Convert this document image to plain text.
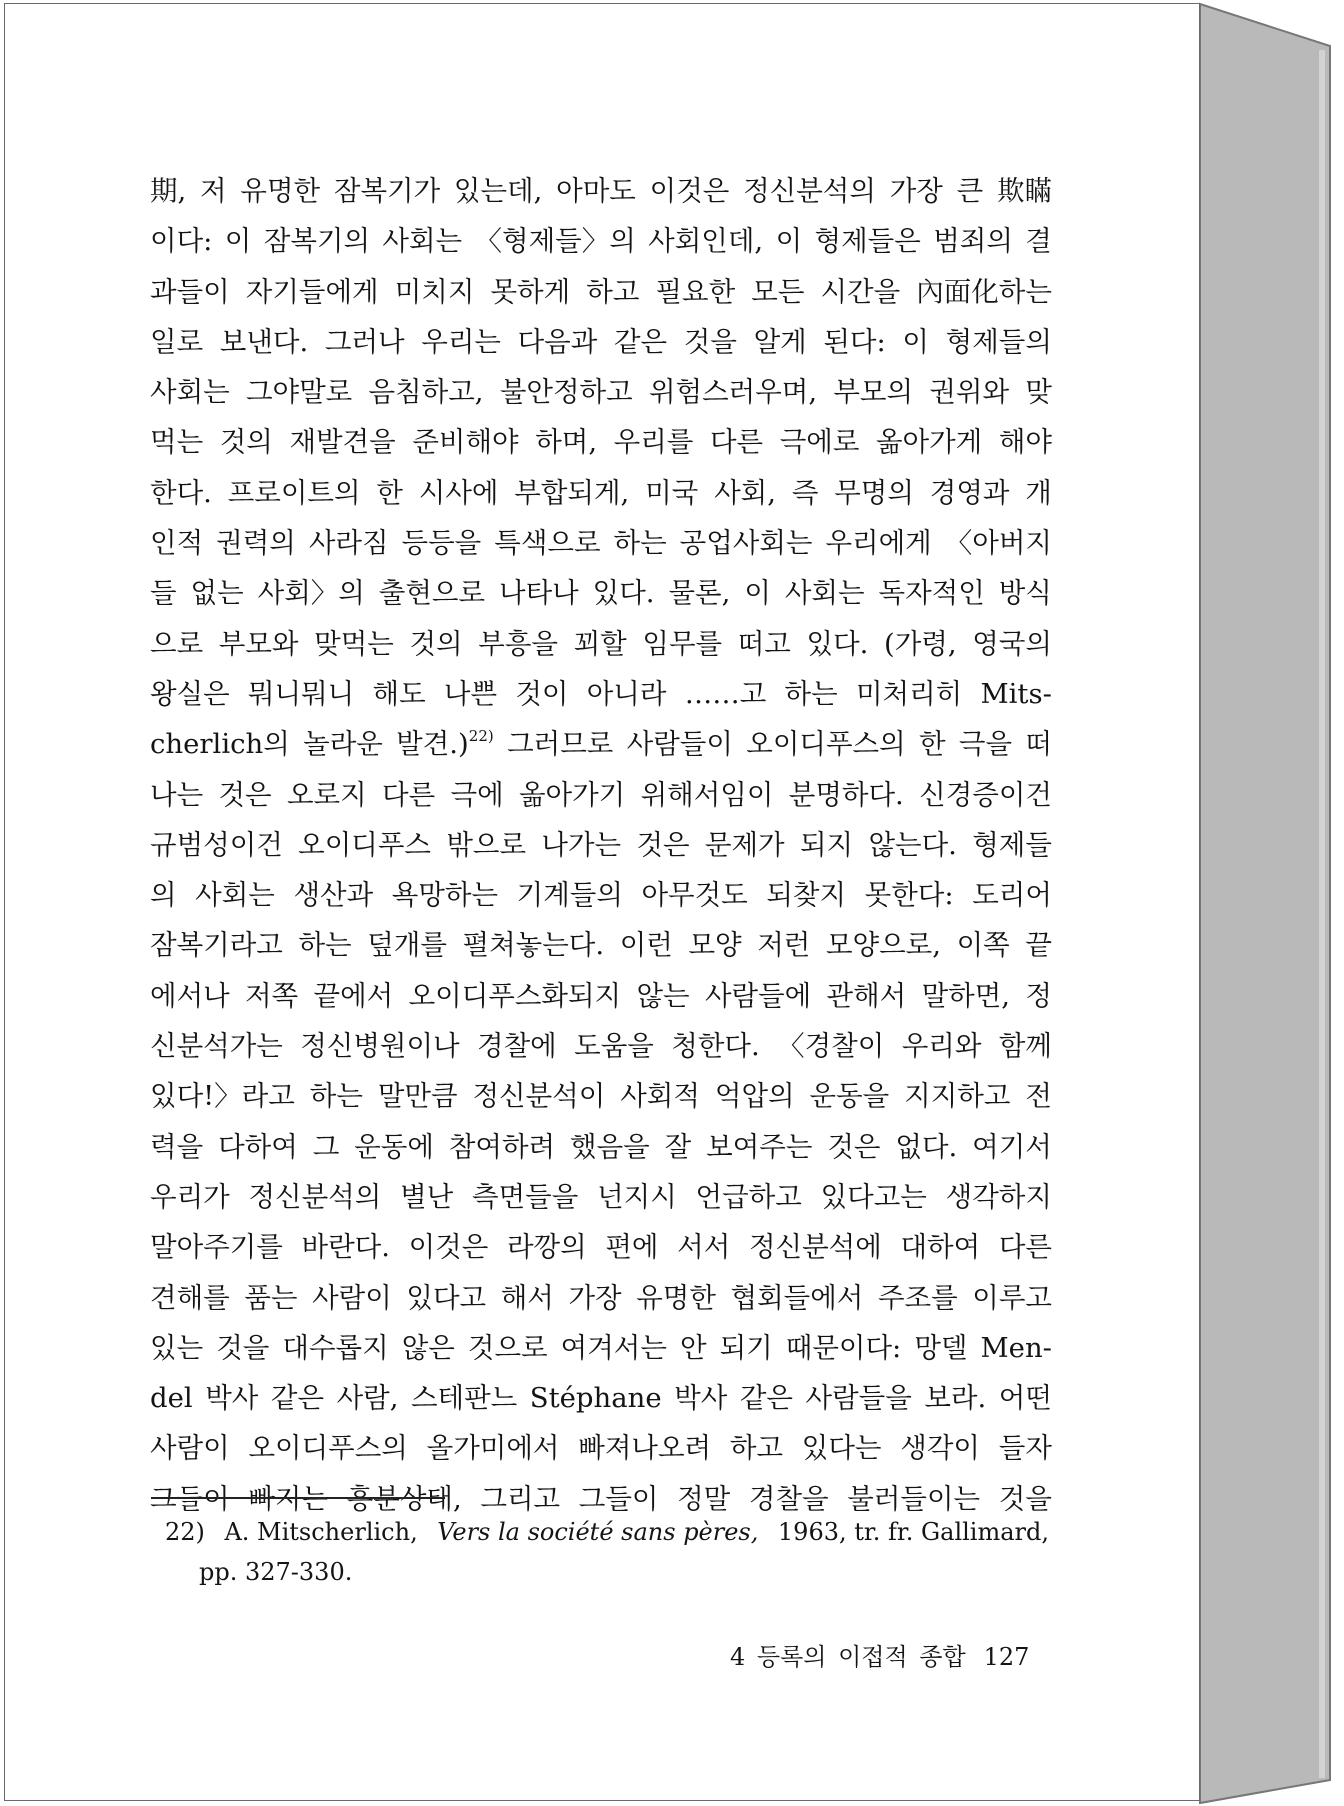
期, 저 유명한 잠복기가 있는데, 아마도 이것은 정신분석의 가장 큰 欺瞞
이다: 이 잠복기의 사회는 〈형제들〉의 사회인데, 이 형제들은 범죄의 결
과들이 자기들에게 미치지 못하게 하고 필요한 모든 시간을 內面化하는
일로 보낸다. 그러나 우리는 다음과 같은 것을 알게 된다: 이 형제들의
사회는 그야말로 음침하고, 불안정하고 위험스러우며, 부모의 권위와 맞
먹는 것의 재발견을 준비해야 하며, 우리를 다른 극에로 옮아가게 해야
한다. 프로이트의 한 시사에 부합되게, 미국 사회, 즉 무명의 경영과 개
인적 권력의 사라짐 등등을 특색으로 하는 공업사회는 우리에게 〈아버지
들 없는 사회〉의 출현으로 나타나 있다. 물론, 이 사회는 독자적인 방식
으로 부모와 맞먹는 것의 부흥을 꾀할 임무를 떠고 있다. (가령, 영국의
왕실은 뭐니뭐니 해도 나쁜 것이 아니라 ……고 하는 미처리히 Mits-
cherlich의 놀라운 발견.)$^{22)}$ 그러므로 사람들이 오이디푸스의 한 극을 떠
나는 것은 오로지 다른 극에 옮아가기 위해서임이 분명하다. 신경증이건
규범성이건 오이디푸스 밖으로 나가는 것은 문제가 되지 않는다. 형제들
의 사회는 생산과 욕망하는 기계들의 아무것도 되찾지 못한다: 도리어
잠복기라고 하는 덮개를 펼쳐놓는다. 이런 모양 저런 모양으로, 이쪽 끝
에서나 저쪽 끝에서 오이디푸스화되지 않는 사람들에 관해서 말하면, 정
신분석가는 정신병원이나 경찰에 도움을 청한다. 〈경찰이 우리와 함께
있다!〉라고 하는 말만큼 정신분석이 사회적 억압의 운동을 지지하고 전
력을 다하여 그 운동에 참여하려 했음을 잘 보여주는 것은 없다. 여기서
우리가 정신분석의 별난 측면들을 넌지시 언급하고 있다고는 생각하지
말아주기를 바란다. 이것은 라깡의 편에 서서 정신분석에 대하여 다른
견해를 품는 사람이 있다고 해서 가장 유명한 협회들에서 주조를 이루고
있는 것을 대수롭지 않은 것으로 여겨서는 안 되기 때문이다: 망델 Men-
del 박사 같은 사람, 스테판느 Stéphane 박사 같은 사람들을 보라. 어떤
사람이 오이디푸스의 올가미에서 빠져나오려 하고 있다는 생각이 들자
그들이 빠지는 흥분상태, 그리고 그들이 정말 경찰을 불러들이는 것을
22) A. Mitscherlich, Vers la société sans pères, 1963, tr. fr. Gallimard,
pp. 327-330.
4 등록의 이접적 종합 127
